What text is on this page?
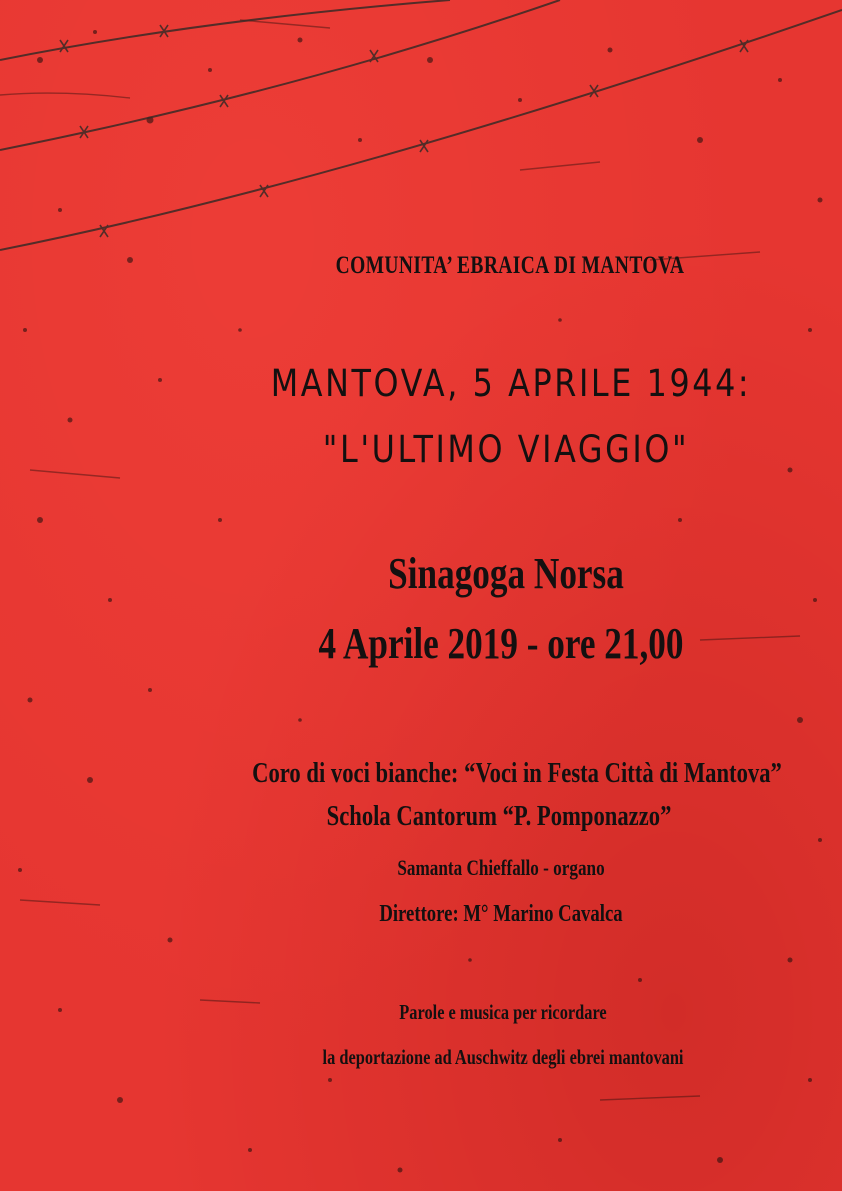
COMUNITA’ EBRAICA DI MANTOVA
MANTOVA, 5 APRILE 1944:
"L'ULTIMO VIAGGIO"
Sinagoga Norsa
4 Aprile 2019 - ore 21,00
Coro di voci bianche: “Voci in Festa Città di Mantova”
Schola Cantorum “P. Pomponazzo”
Samanta Chieffallo - organo
Direttore: M° Marino Cavalca
Parole e musica per ricordare
la deportazione ad Auschwitz degli ebrei mantovani
